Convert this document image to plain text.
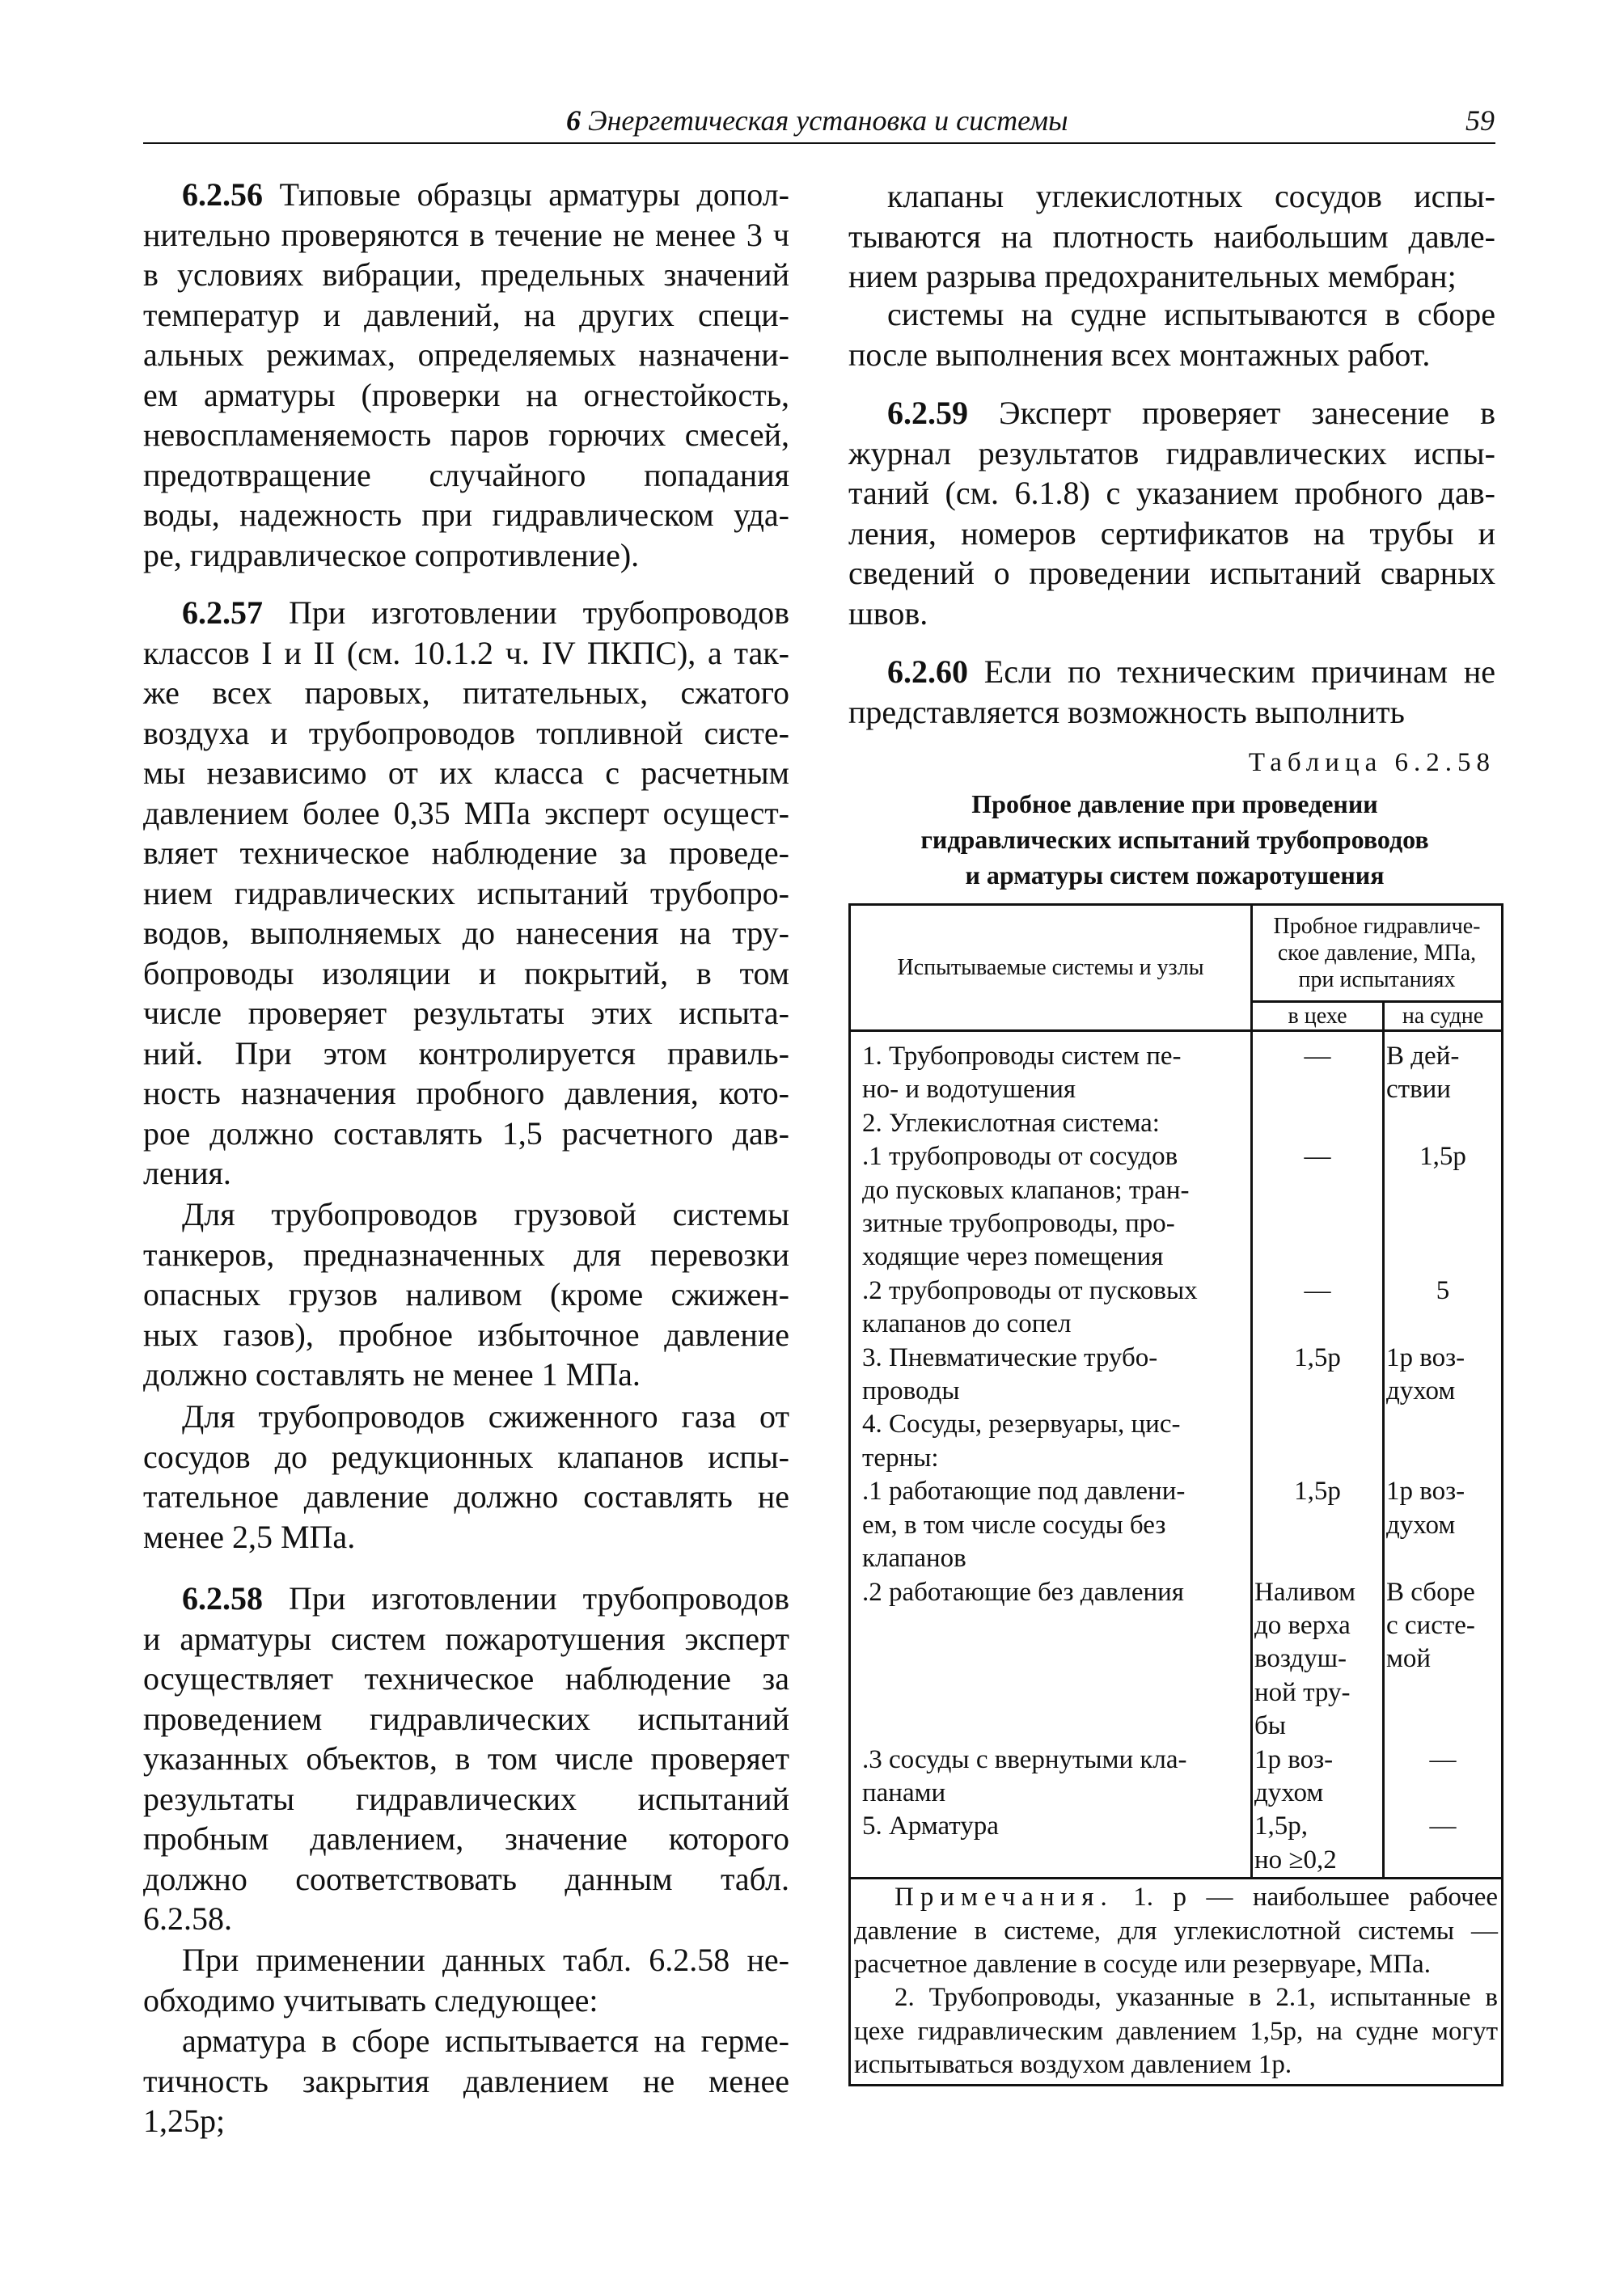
6 Энергетическая установка и системы	59
6.2.56 Типовые образцы арматуры допол-
нительно проверяются в течение не менее 3 ч
в условиях вибрации, предельных значений
температур и давлений, на других специ-
альных режимах, определяемых назначени-
ем арматуры (проверки на огнестойкость,
невоспламеняемость паров горючих смесей,
предотвращение случайного попадания
воды, надежность при гидравлическом уда-
ре, гидравлическое сопротивление).
6.2.57 При изготовлении трубопроводов
классов I и II (см. 10.1.2 ч. IV ПКПС), а так-
же всех паровых, питательных, сжатого
воздуха и трубопроводов топливной систе-
мы независимо от их класса с расчетным
давлением более 0,35 МПа эксперт осущест-
вляет техническое наблюдение за проведе-
нием гидравлических испытаний трубопро-
водов, выполняемых до нанесения на тру-
бопроводы изоляции и покрытий, в том
числе проверяет результаты этих испыта-
ний. При этом контролируется правиль-
ность назначения пробного давления, кото-
рое должно составлять 1,5 расчетного дав-
ления.
Для трубопроводов грузовой системы
танкеров, предназначенных для перевозки
опасных грузов наливом (кроме сжижен-
ных газов), пробное избыточное давление
должно составлять не менее 1 МПа.
Для трубопроводов сжиженного газа от
сосудов до редукционных клапанов испы-
тательное давление должно составлять не
менее 2,5 МПа.
6.2.58 При изготовлении трубопроводов
и арматуры систем пожаротушения эксперт
осуществляет техническое наблюдение за
проведением гидравлических испытаний
указанных объектов, в том числе проверяет
результаты гидравлических испытаний
пробным давлением, значение которого
должно соответствовать данным табл.
6.2.58.
При применении данных табл. 6.2.58 не-
обходимо учитывать следующее:
арматура в сборе испытывается на герме-
тичность закрытия давлением не менее
1,25p;
клапаны углекислотных сосудов испы-
тываются на плотность наибольшим давле-
нием разрыва предохранительных мембран;
системы на судне испытываются в сборе
после выполнения всех монтажных работ.
6.2.59 Эксперт проверяет занесение в
журнал результатов гидравлических испы-
таний (см. 6.1.8) с указанием пробного дав-
ления, номеров сертификатов на трубы и
сведений о проведении испытаний сварных
швов.
6.2.60 Если по техническим причинам не
представляется возможность выполнить
Таблица 6.2.58
Пробное давление при проведении
гидравлических испытаний трубопроводов
и арматуры систем пожаротушения
Испытываемые системы и узлы	Пробное гидравличе-
ское давление, МПа,
при испытаниях	
	в цехе	на судне
1. Трубопроводы систем пе-
но- и водотушения	—	В дей-
ствии
2. Углекислотная система:		
.1 трубопроводы от сосудов
до пусковых клапанов; тран-
зитные трубопроводы, про-
ходящие через помещения	—	1,5p
.2 трубопроводы от пусковых
клапанов до сопел	—	5
3. Пневматические трубо-
проводы	1,5p	1p воз-
духом
4. Сосуды, резервуары, цис-
терны:		
.1 работающие под давлени-
ем, в том числе сосуды без
клапанов	1,5p	1p воз-
духом
.2 работающие без давления	Наливом
до верха
воздуш-
ной тру-
бы	В сборе
с систе-
мой
.3 сосуды с ввернутыми кла-
панами	1p воз-
духом	—
5. Арматура	1,5p,
но ≥0,2	—

Примечания. 1. p — наибольшее рабочее давление в системе, для углекислотной системы — расчетное давление в сосуде или резервуаре, МПа.
2. Трубопроводы, указанные в 2.1, испытанные в цехе гидравлическим давлением 1,5p, на судне могут испытываться воздухом давлением 1p.		
